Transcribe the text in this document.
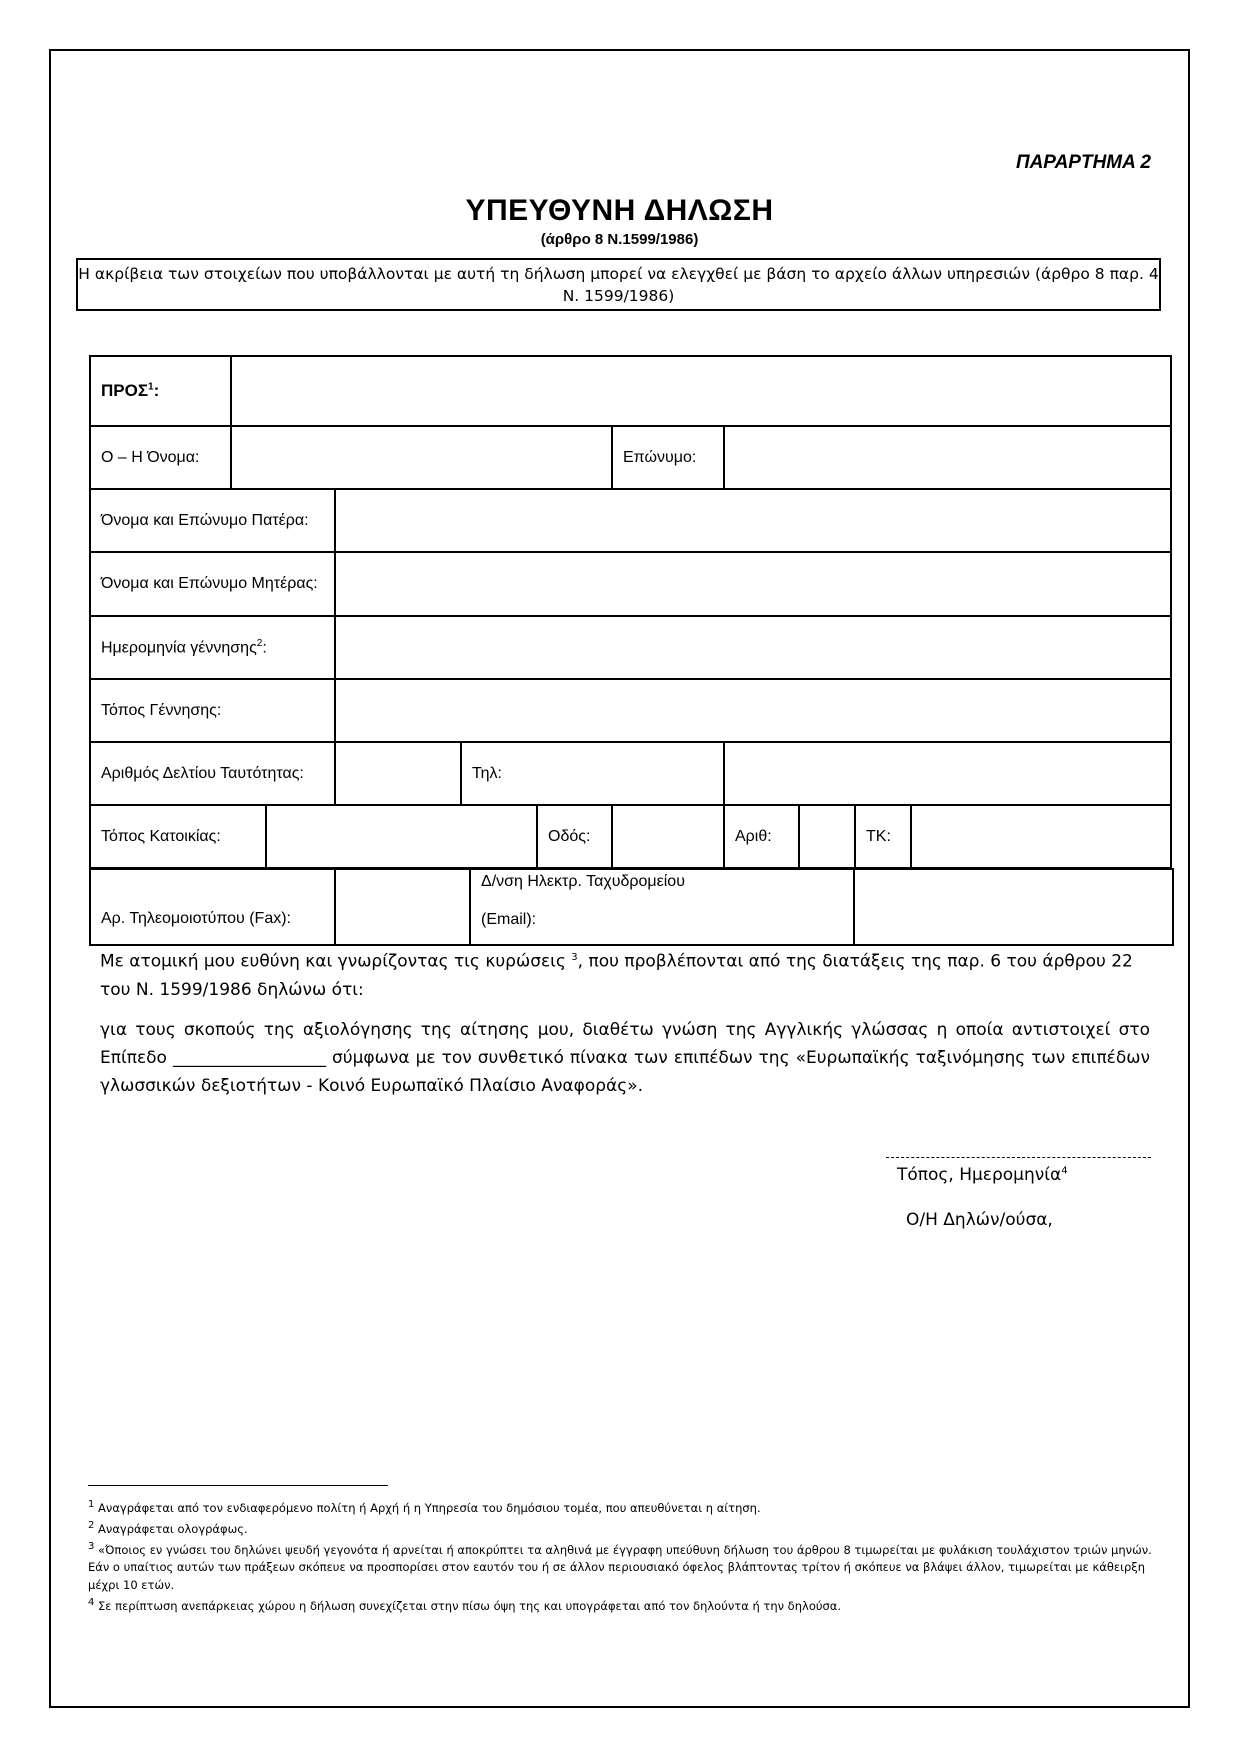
ΠΑΡΑΡΤΗΜΑ 2
ΥΠΕΥΘΥΝΗ ΔΗΛΩΣΗ
(άρθρο 8 Ν.1599/1986)
Η ακρίβεια των στοιχείων που υποβάλλονται με αυτή τη δήλωση μπορεί να ελεγχθεί με βάση το αρχείο άλλων υπηρεσιών (άρθρο 8 παρ. 4 Ν. 1599/1986)
ΠΡΟΣ$^1$:										
Ο – Η Όνομα:						Επώνυμο:				
Όνομα και Επώνυμο Πατέρα:										
Όνομα και Επώνυμο Μητέρας:										
Ημερομηνία γέννησης$^2$:										
Τόπος Γέννησης:										
Αριθμός Δελτίου Ταυτότητας:				Τηλ:						
Τόπος Κατοικίας:					Οδός:		Αριθ:		ΤΚ:	
Αρ. Τηλεομοιοτύπου (Fax):		
Δ/νση Ηλεκτρ. Ταχυδρομείου
(Email):

Με ατομική μου ευθύνη και γνωρίζοντας τις κυρώσεις $^3$, που προβλέπονται από της διατάξεις της παρ. 6 του άρθρου 22 του Ν. 1599/1986 δηλώνω ότι:
για τους σκοπούς της αξιολόγησης της αίτησης μου, διαθέτω γνώση της Αγγλικής γλώσσας η οποία αντιστοιχεί στο Επίπεδο __________________ σύμφωνα με τον συνθετικό πίνακα των επιπέδων της «Ευρωπαϊκής ταξινόμησης των επιπέδων γλωσσικών δεξιοτήτων - Κοινό Ευρωπαϊκό Πλαίσιο Αναφοράς».
Τόπος, Ημερομηνία$^4$
Ο/Η Δηλών/ούσα,
1 Αναγράφεται από τον ενδιαφερόμενο πολίτη ή Αρχή ή η Υπηρεσία του δημόσιου τομέα, που απευθύνεται η αίτηση.
2 Αναγράφεται ολογράφως.
3 «Όποιος εν γνώσει του δηλώνει ψευδή γεγονότα ή αρνείται ή αποκρύπτει τα αληθινά με έγγραφη υπεύθυνη δήλωση του άρθρου 8 τιμωρείται με φυλάκιση τουλάχιστον τριών μηνών. Εάν ο υπαίτιος αυτών των πράξεων σκόπευε να προσπορίσει στον εαυτόν του ή σε άλλον περιουσιακό όφελος βλάπτοντας τρίτον ή σκόπευε να βλάψει άλλον, τιμωρείται με κάθειρξη μέχρι 10 ετών.
4 Σε περίπτωση ανεπάρκειας χώρου η δήλωση συνεχίζεται στην πίσω όψη της και υπογράφεται από τον δηλούντα ή την δηλούσα.
